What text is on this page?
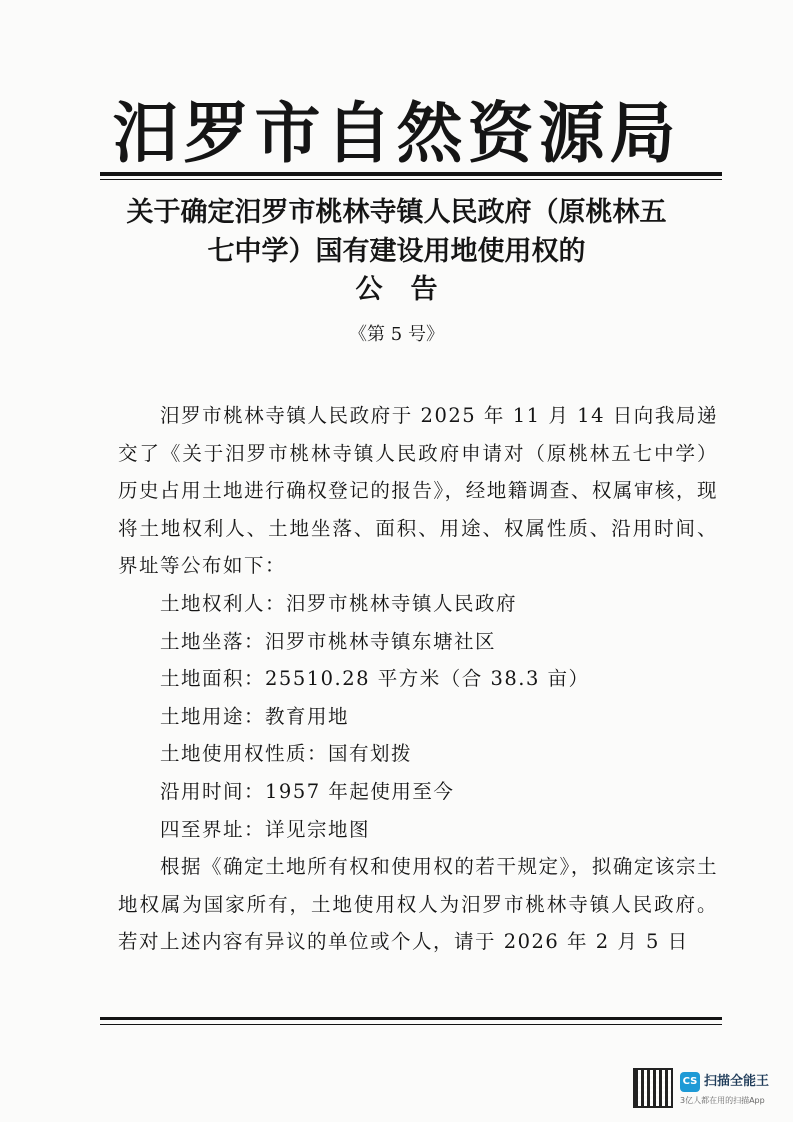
汨罗市自然资源局
关于确定汨罗市桃林寺镇人民政府（原桃林五
七中学）国有建设用地使用权的
公告
《第 5 号》

汨罗市桃林寺镇人民政府于 2025 年 11 月 14 日向我局递交了《关于汨罗市桃林寺镇人民政府申请对（原桃林五七中学）历史占用土地进行确权登记的报告》，经地籍调查、权属审核，现将土地权利人、土地坐落、面积、用途、权属性质、沿用时间、界址等公布如下：

土地权利人：汨罗市桃林寺镇人民政府

土地坐落：汨罗市桃林寺镇东塘社区

土地面积：25510.28 平方米（合 38.3 亩）

土地用途：教育用地

土地使用权性质：国有划拨

沿用时间：1957 年起使用至今

四至界址：详见宗地图

根据《确定土地所有权和使用权的若干规定》，拟确定该宗土地权属为国家所有，土地使用权人为汨罗市桃林寺镇人民政府。若对上述内容有异议的单位或个人，请于 2026 年 2 月 5 日

CS 扫描全能王
3亿人都在用的扫描App
